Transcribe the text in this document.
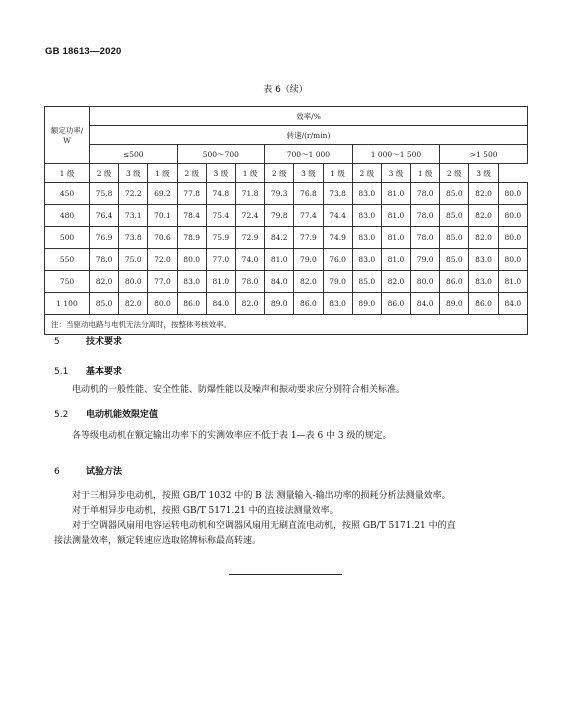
GB 18613—2020
表 6（续）
额定功率/
W	效率/%														
	转速/(r/min)														
	≤500			500～700			700～1 000			1 000～1 500			>1 500		
1 级	2 级	3 级	1 级	2 级	3 级	1 级	2 级	3 级	1 级	2 级	3 级	1 级	2 级	3 级	
450	75.8	72.2	69.2	77.8	74.8	71.8	79.3	76.8	73.8	83.0	81.0	78.0	85.0	82.0	80.0
480	76.4	73.1	70.1	78.4	75.4	72.4	79.8	77.4	74.4	83.0	81.0	78.0	85.0	82.0	80.0
500	76.9	73.8	70.6	78.9	75.9	72.9	84.2	77.9	74.9	83.0	81.0	78.0	85.0	82.0	80.0
550	78.0	75.0	72.0	80.0	77.0	74.0	81.0	79.0	76.0	83.0	81.0	79.0	85.0	83.0	80.0
750	82.0	80.0	77.0	83.0	81.0	78.0	84.0	82.0	79.0	85.0	82.0	80.0	86.0	83.0	81.0
1 100	85.0	82.0	80.0	86.0	84.0	82.0	89.0	86.0	83.0	89.0	86.0	84.0	89.0	86.0	84.0
注：当驱动电路与电机无法分离时，按整体考核效率。															
5	技术要求
5.1 基本要求
电动机的一般性能、安全性能、防爆性能以及噪声和振动要求应分别符合相关标准。
5.2 电动机能效限定值
各等级电动机在额定输出功率下的实测效率应不低于表 1—表 6 中 3 级的规定。
6	试验方法
对于三相异步电动机，按照 GB/T 1032 中的 B 法 测量输入-输出功率的损耗分析法测量效率。
对于单相异步电动机，按照 GB/T 5171.21 中的直接法测量效率。
对于空调器风扇用电容运转电动机和空调器风扇用无刷直流电动机，按照 GB/T 5171.21 中的直
接法测量效率，额定转速应选取铭牌标称最高转速。
